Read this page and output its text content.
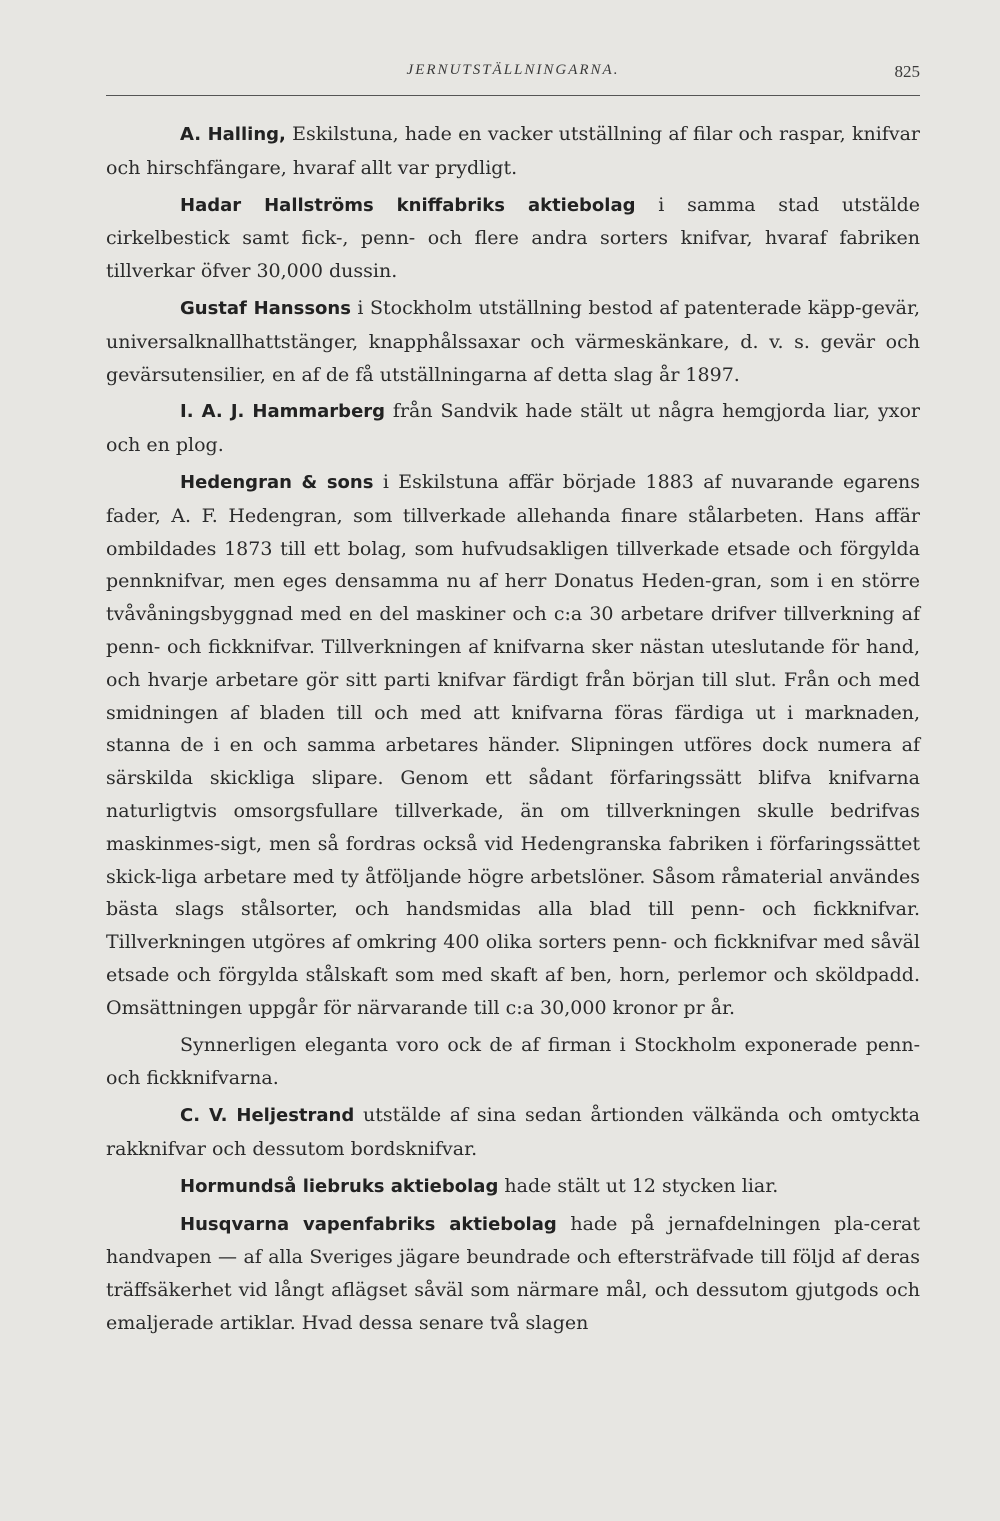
JERNUTSTÄLLNINGARNA.	825

A. Halling, Eskilstuna, hade en vacker utställning af filar och raspar, knifvar och hirschfängare, hvaraf allt var prydligt.

Hadar Hallströms kniffabriks aktiebolag i samma stad utstälde cirkelbestick samt fick-, penn- och flere andra sorters knifvar, hvaraf fabriken tillverkar öfver 30,000 dussin.

Gustaf Hanssons i Stockholm utställning bestod af patenterade käpp-gevär, universalknallhattstänger, knapphålssaxar och värmeskänkare, d. v. s. gevär och gevärsutensilier, en af de få utställningarna af detta slag år 1897.

I. A. J. Hammarberg från Sandvik hade stält ut några hemgjorda liar, yxor och en plog.

Hedengran & sons i Eskilstuna affär började 1883 af nuvarande egarens fader, A. F. Hedengran, som tillverkade allehanda finare stålarbeten. Hans affär ombildades 1873 till ett bolag, som hufvudsakligen tillverkade etsade och förgylda pennknifvar, men eges densamma nu af herr Donatus Heden-gran, som i en större tvåvåningsbyggnad med en del maskiner och c:a 30 arbetare drifver tillverkning af penn- och fickknifvar. Tillverkningen af knifvarna sker nästan uteslutande för hand, och hvarje arbetare gör sitt parti knifvar färdigt från början till slut. Från och med smidningen af bladen till och med att knifvarna föras färdiga ut i marknaden, stanna de i en och samma arbetares händer. Slipningen utföres dock numera af särskilda skickliga slipare. Genom ett sådant förfaringssätt blifva knifvarna naturligtvis omsorgsfullare tillverkade, än om tillverkningen skulle bedrifvas maskinmes-sigt, men så fordras också vid Hedengranska fabriken i förfaringssättet skick-liga arbetare med ty åtföljande högre arbetslöner. Såsom råmaterial användes bästa slags stålsorter, och handsmidas alla blad till penn- och fickknifvar. Tillverkningen utgöres af omkring 400 olika sorters penn- och fickknifvar med såväl etsade och förgylda stålskaft som med skaft af ben, horn, perlemor och sköldpadd. Omsättningen uppgår för närvarande till c:a 30,000 kronor pr år.

Synnerligen eleganta voro ock de af firman i Stockholm exponerade penn- och fickknifvarna.

C. V. Heljestrand utstälde af sina sedan årtionden välkända och omtyckta rakknifvar och dessutom bordsknifvar.

Hormundså liebruks aktiebolag hade stält ut 12 stycken liar.

Husqvarna vapenfabriks aktiebolag hade på jernafdelningen pla-cerat handvapen — af alla Sveriges jägare beundrade och eftersträfvade till följd af deras träffsäkerhet vid långt aflägset såväl som närmare mål, och dessutom gjutgods och emaljerade artiklar. Hvad dessa senare två slagen
